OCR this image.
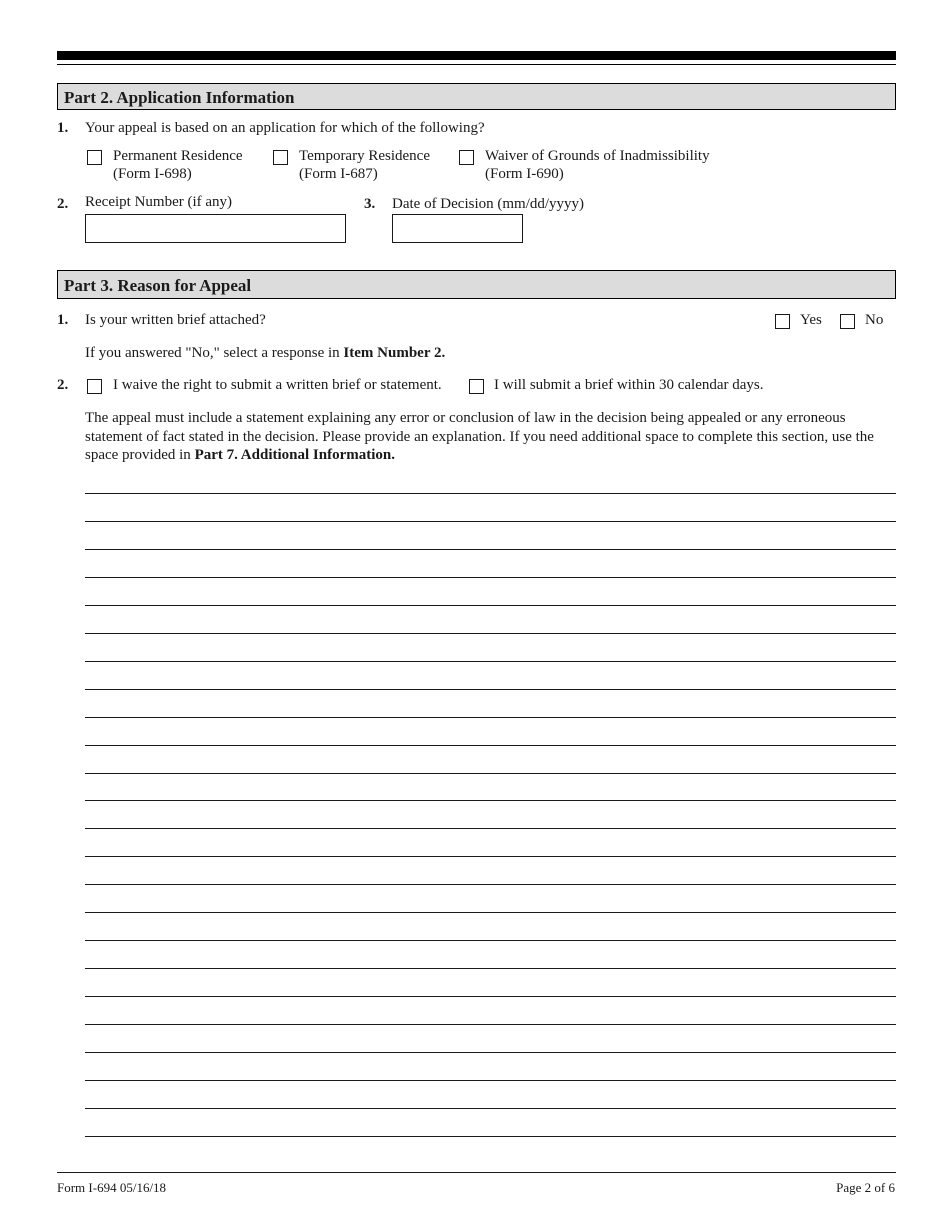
Part 2. Application Information
1. Your appeal is based on an application for which of the following?
Permanent Residence
(Form I-698)
Temporary Residence
(Form I-687)
Waiver of Grounds of Inadmissibility
(Form I-690)
2. Receipt Number (if any)	3. Date of Decision (mm/dd/yyyy)
Part 3. Reason for Appeal
1. Is your written brief attached?	Yes	No
If you answered "No," select a response in Item Number 2.
2.	I waive the right to submit a written brief or statement.	I will submit a brief within 30 calendar days.
The appeal must include a statement explaining any error or conclusion of law in the decision being appealed or any erroneous statement of fact stated in the decision. Please provide an explanation. If you need additional space to complete this section, use the space provided in Part 7. Additional Information.
Form I-694 05/16/18	Page 2 of 6
